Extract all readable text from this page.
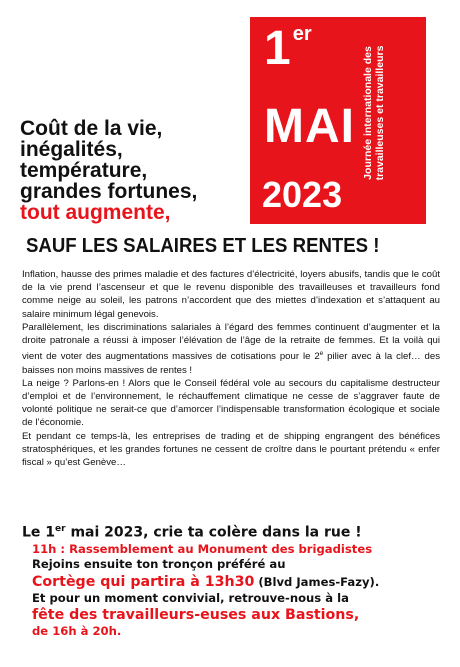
1 $^{er}$
MAI
2023
Journée internationale des travailleuses et travailleurs
Coût de la vie,
inégalités,
température,
grandes fortunes,
tout augmente,
SAUF LES SALAIRES ET LES RENTES !

Inflation, hausse des primes maladie et des factures d’électricité, loyers abusifs, tandis que le coût de la vie prend l’ascenseur et que le revenu disponible des travailleuses et travailleurs fond comme neige au soleil, les patrons n’accordent que des miettes d’indexation et s’attaquent au salaire minimum légal genevois.

Parallèlement, les discriminations salariales à l’égard des femmes continuent d’augmenter et la droite patronale a réussi à imposer l’élévation de l’âge de la retraite de femmes. Et la voilà qui vient de voter des augmentations massives de cotisations pour le 2e pilier avec à la clef… des baisses non moins massives de rentes !

La neige ? Parlons-en ! Alors que le Conseil fédéral vole au secours du capitalisme destructeur d’emploi et de l’environnement, le réchauffement climatique ne cesse de s’aggraver faute de volonté politique ne serait-ce que d’amorcer l’indispensable transformation écologique et sociale de l’économie.

Et pendant ce temps-là, les entreprises de trading et de shipping engrangent des bénéfices stratosphériques, et les grandes fortunes ne cessent de croître dans le pourtant prétendu « enfer fiscal » qu’est Genève…

Le 1er mai 2023, crie ta colère dans la rue !
11h : Rassemblement au Monument des brigadistes
Rejoins ensuite ton tronçon préféré au
Cortège qui partira à 13h30 (Blvd James-Fazy).
Et pour un moment convivial, retrouve-nous à la
fête des travailleurs-euses aux Bastions,
de 16h à 20h.
